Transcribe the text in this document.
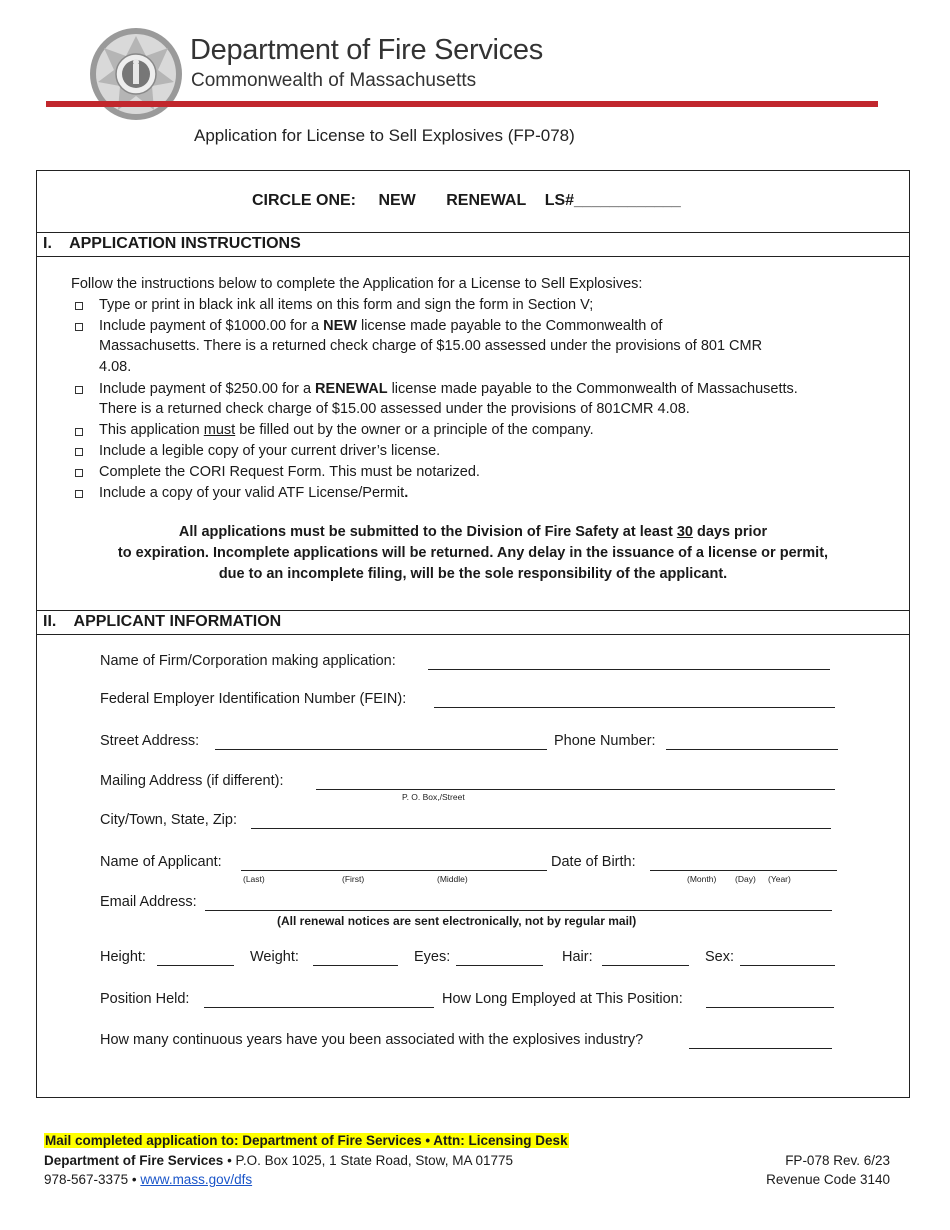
Department of Fire Services
Commonwealth of Massachusetts
Application for License to Sell Explosives (FP-078)
CIRCLE ONE: NEW RENEWAL LS#____________
I.    APPLICATION INSTRUCTIONS
Follow the instructions below to complete the Application for a License to Sell Explosives:
Type or print in black ink all items on this form and sign the form in Section V;
Include payment of $1000.00 for a NEW license made payable to the Commonwealth of
Massachusetts. There is a returned check charge of $15.00 assessed under the provisions of 801 CMR
4.08.
Include payment of $250.00 for a RENEWAL license made payable to the Commonwealth of Massachusetts.
There is a returned check charge of $15.00 assessed under the provisions of 801CMR 4.08.
This application must be filled out by the owner or a principle of the company.
Include a legible copy of your current driver’s license.
Complete the CORI Request Form. This must be notarized.
Include a copy of your valid ATF License/Permit.
All applications must be submitted to the Division of Fire Safety at least 30 days prior
to expiration. Incomplete applications will be returned. Any delay in the issuance of a license or permit,
due to an incomplete filing, will be the sole responsibility of the applicant.
II.    APPLICANT INFORMATION
Name of Firm/Corporation making application:
Federal Employer Identification Number (FEIN):
Street Address:	Phone Number:
Mailing Address (if different):
P. O. Box,/Street
City/Town, State, Zip:
Name of Applicant:
(Last)	(First)	(Middle)
Date of Birth:
(Month) (Day) (Year)
Email Address:
(All renewal notices are sent electronically, not by regular mail)
Height:	Weight:	Eyes:	Hair:	Sex:
Position Held:	How Long Employed at This Position:
How many continuous years have you been associated with the explosives industry?
Mail completed application to: Department of Fire Services • Attn: Licensing Desk
Department of Fire Services • P.O. Box 1025, 1 State Road, Stow, MA 01775
978-567-3375 • www.mass.gov/dfs
FP-078 Rev. 6/23
Revenue Code 3140
